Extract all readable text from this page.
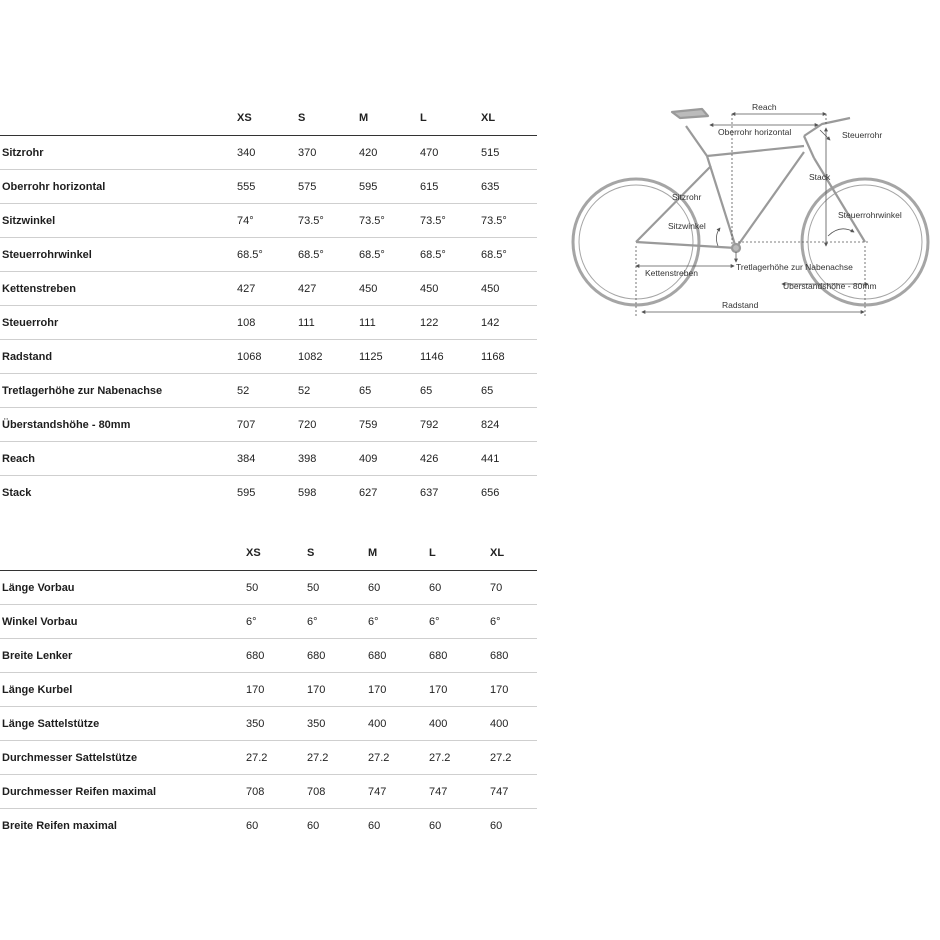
	XS	S	M	L	XL
Sitzrohr	340	370	420	470	515
Oberrohr horizontal	555	575	595	615	635
Sitzwinkel	74°	73.5°	73.5°	73.5°	73.5°
Steuerrohrwinkel	68.5°	68.5°	68.5°	68.5°	68.5°
Kettenstreben	427	427	450	450	450
Steuerrohr	108	111	111	122	142
Radstand	1068	1082	1125	1146	1168
Tretlagerhöhe zur Nabenachse	52	52	65	65	65
Überstandshöhe - 80mm	707	720	759	792	824
Reach	384	398	409	426	441
Stack	595	598	627	637	656
	XS	S	M	L	XL
Länge Vorbau	50	50	60	60	70
Winkel Vorbau	6°	6°	6°	6°	6°
Breite Lenker	680	680	680	680	680
Länge Kurbel	170	170	170	170	170
Länge Sattelstütze	350	350	400	400	400
Durchmesser Sattelstütze	27.2	27.2	27.2	27.2	27.2
Durchmesser Reifen maximal	708	708	747	747	747
Breite Reifen maximal	60	60	60	60	60
Reach
Oberrohr horizontal	Steuerrohr
Stack
Sitzrohr
Steuerrohrwinkel
Sitzwinkel
Kettenstreben
Tretlagerhöhe zur Nabenachse
Überstandshöhe - 80mm
Radstand
